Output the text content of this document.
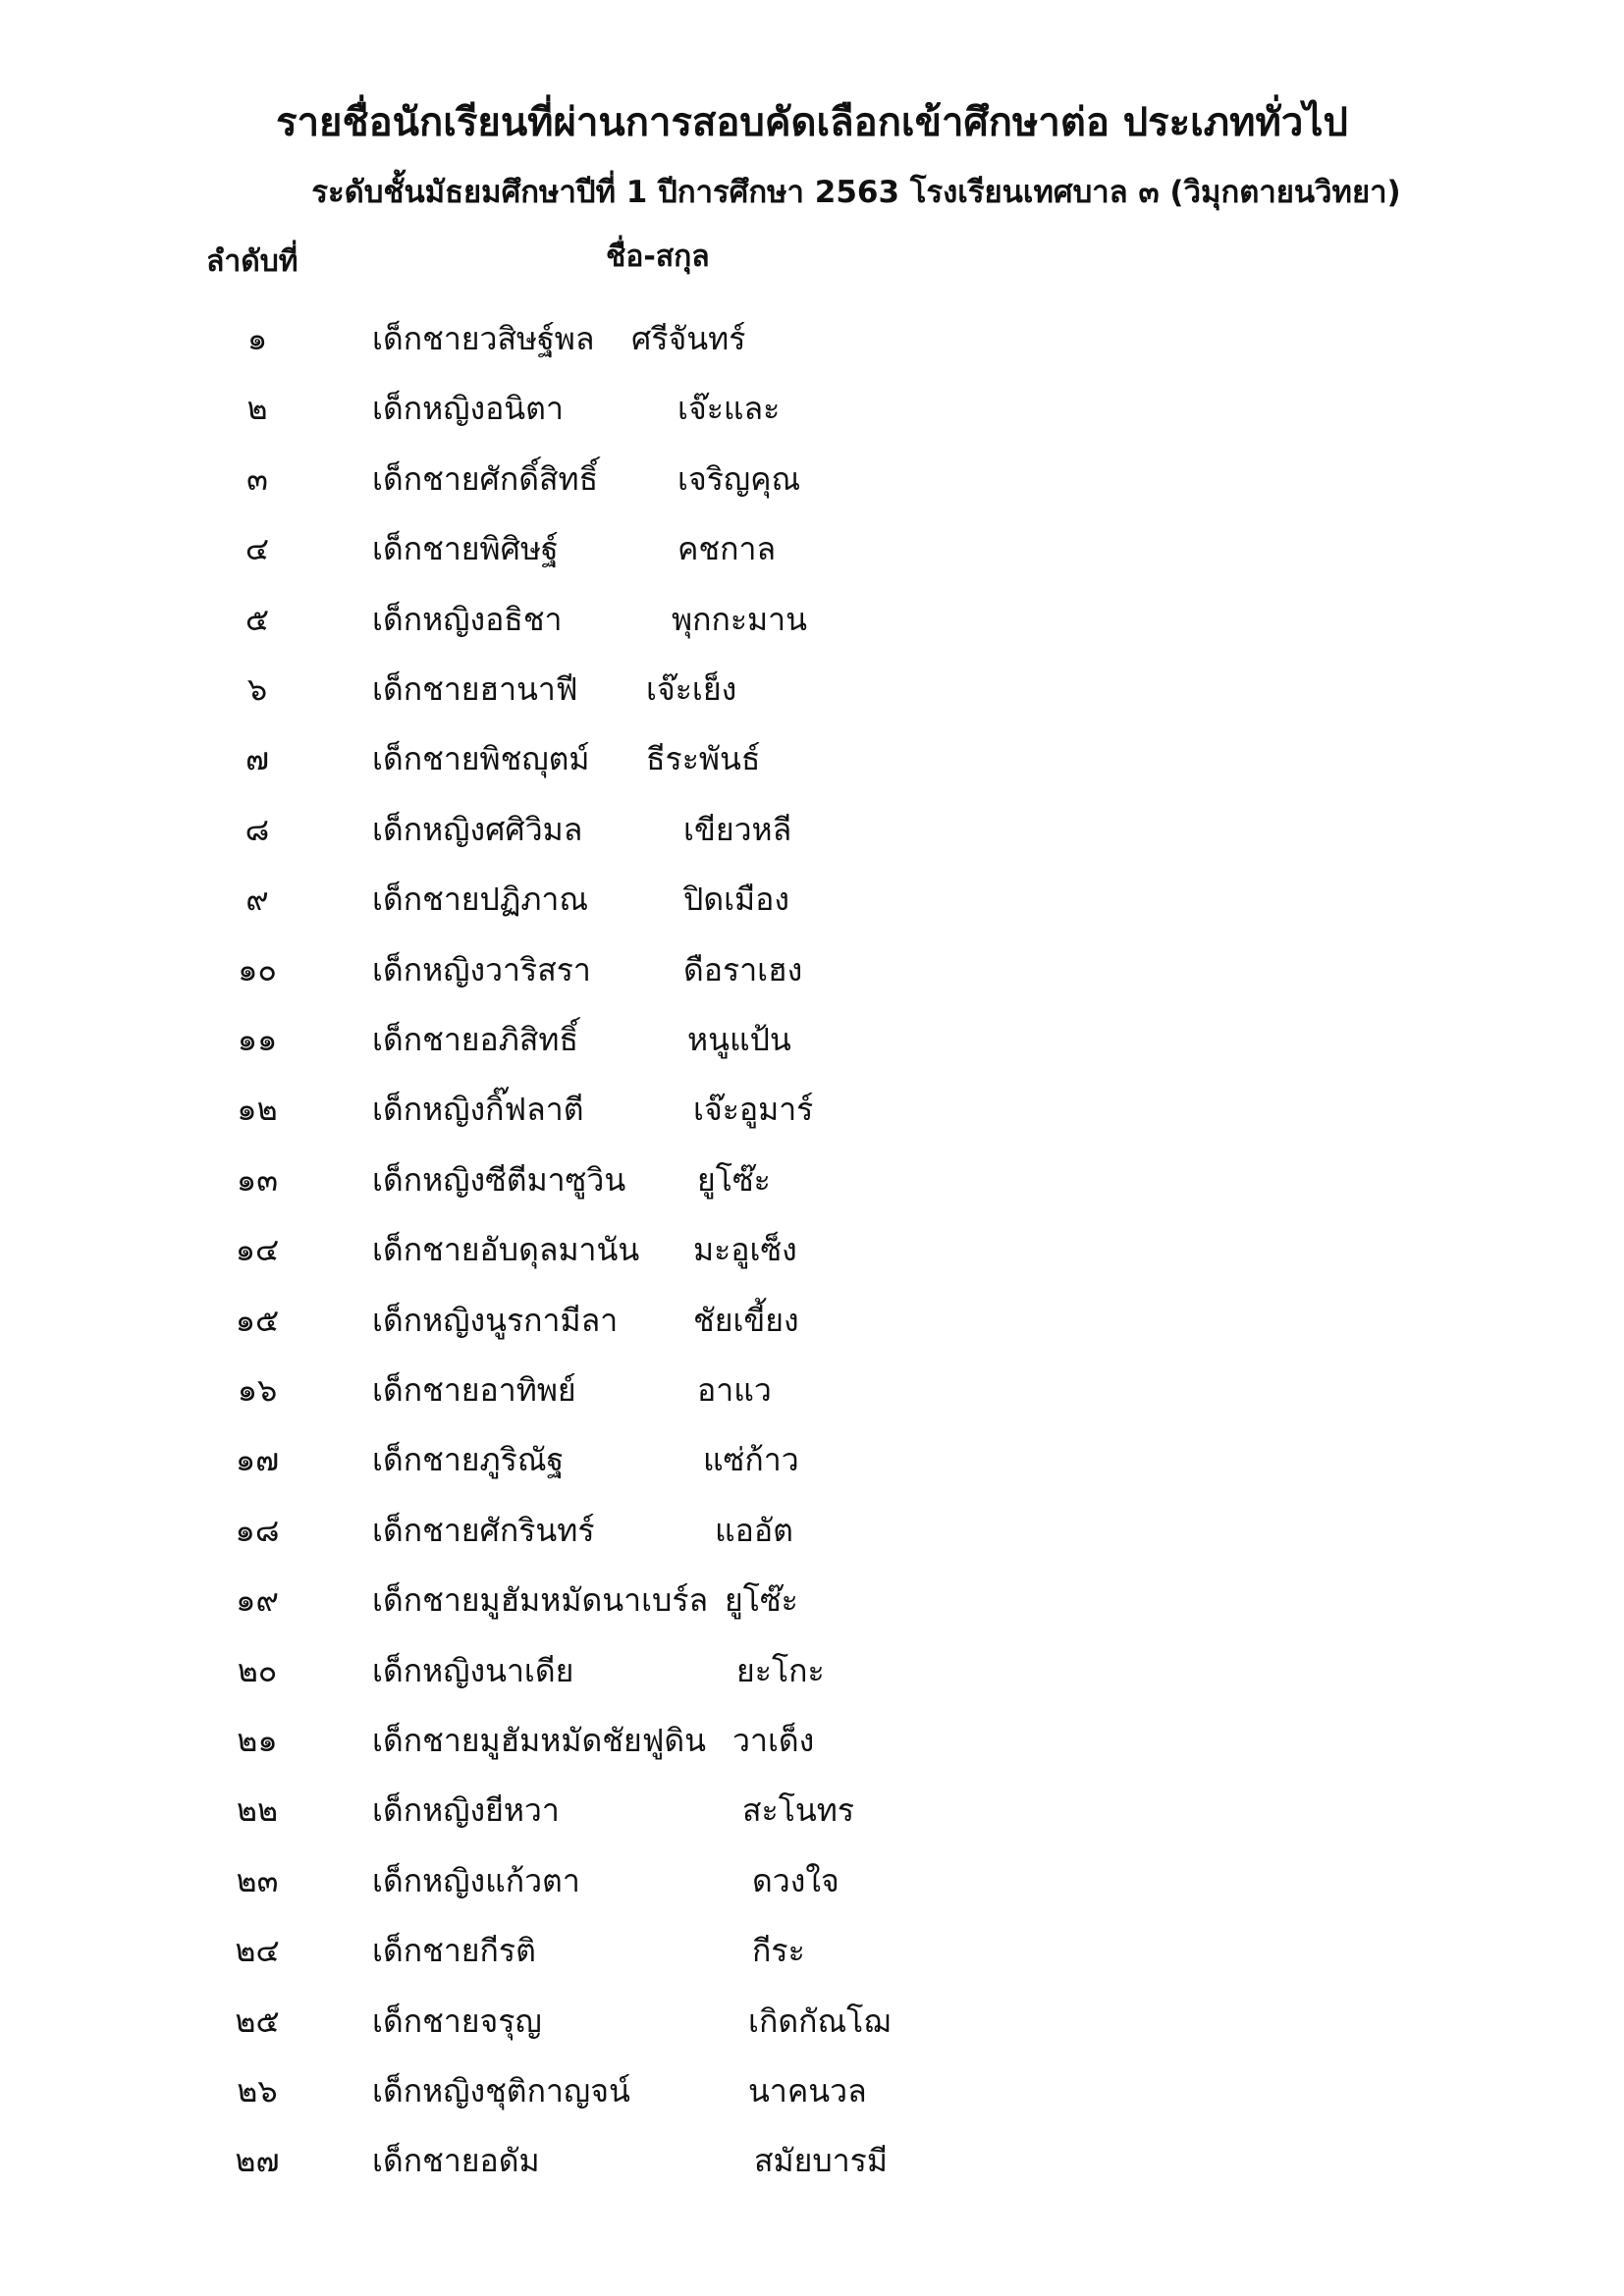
รายชื่อนักเรียนที่ผ่านการสอบคัดเลือกเข้าศึกษาต่อ ประเภททั่วไป
ระดับชั้นมัธยมศึกษาปีที่ 1 ปีการศึกษา 2563 โรงเรียนเทศบาล ๓ (วิมุกตายนวิทยา)
ลำดับที่	ชื่อ-สกุล
๑	เด็กชายวสิษฐ์พล ศรีจันทร์
๒	เด็กหญิงอนิตา	เจ๊ะและ
๓	เด็กชายศักดิ์สิทธิ์	เจริญคุณ
๔	เด็กชายพิศิษฐ์	คชกาล
๕	เด็กหญิงอธิชา	พุกกะมาน
๖	เด็กชายฮานาฟี เจ๊ะเย็ง
๗	เด็กชายพิชญุตม์ ธีระพันธ์
๘	เด็กหญิงศศิวิมล	เขียวหลี
๙	เด็กชายปฏิภาณ	ปิดเมือง
๑๐	เด็กหญิงวาริสรา	ดือราเฮง
๑๑	เด็กชายอภิสิทธิ์	หนูแป้น
๑๒	เด็กหญิงกิ๊ฟลาตี	เจ๊ะอูมาร์
๑๓	เด็กหญิงซีตีมาซูวิน ยูโซ๊ะ
๑๔	เด็กชายอับดุลมานัน มะอูเซ็ง
๑๕	เด็กหญิงนูรกามีลา ชัยเขี้ยง
๑๖	เด็กชายอาทิพย์	อาแว
๑๗	เด็กชายภูริณัฐ	แซ่ก้าว
๑๘	เด็กชายศักรินทร์	แออัต
๑๙	เด็กชายมูฮัมหมัดนาเบร์ล ยูโซ๊ะ
๒๐	เด็กหญิงนาเดีย	ยะโกะ
๒๑	เด็กชายมูฮัมหมัดชัยฟูดิน วาเด็ง
๒๒	เด็กหญิงยีหวา	สะโนทร
๒๓	เด็กหญิงแก้วตา	ดวงใจ
๒๔	เด็กชายกีรติ	กีระ
๒๕	เด็กชายจรุญ	เกิดกัณโฌ
๒๖	เด็กหญิงชุติกาญจน์	นาคนวล
๒๗	เด็กชายอดัม	สมัยบารมี
